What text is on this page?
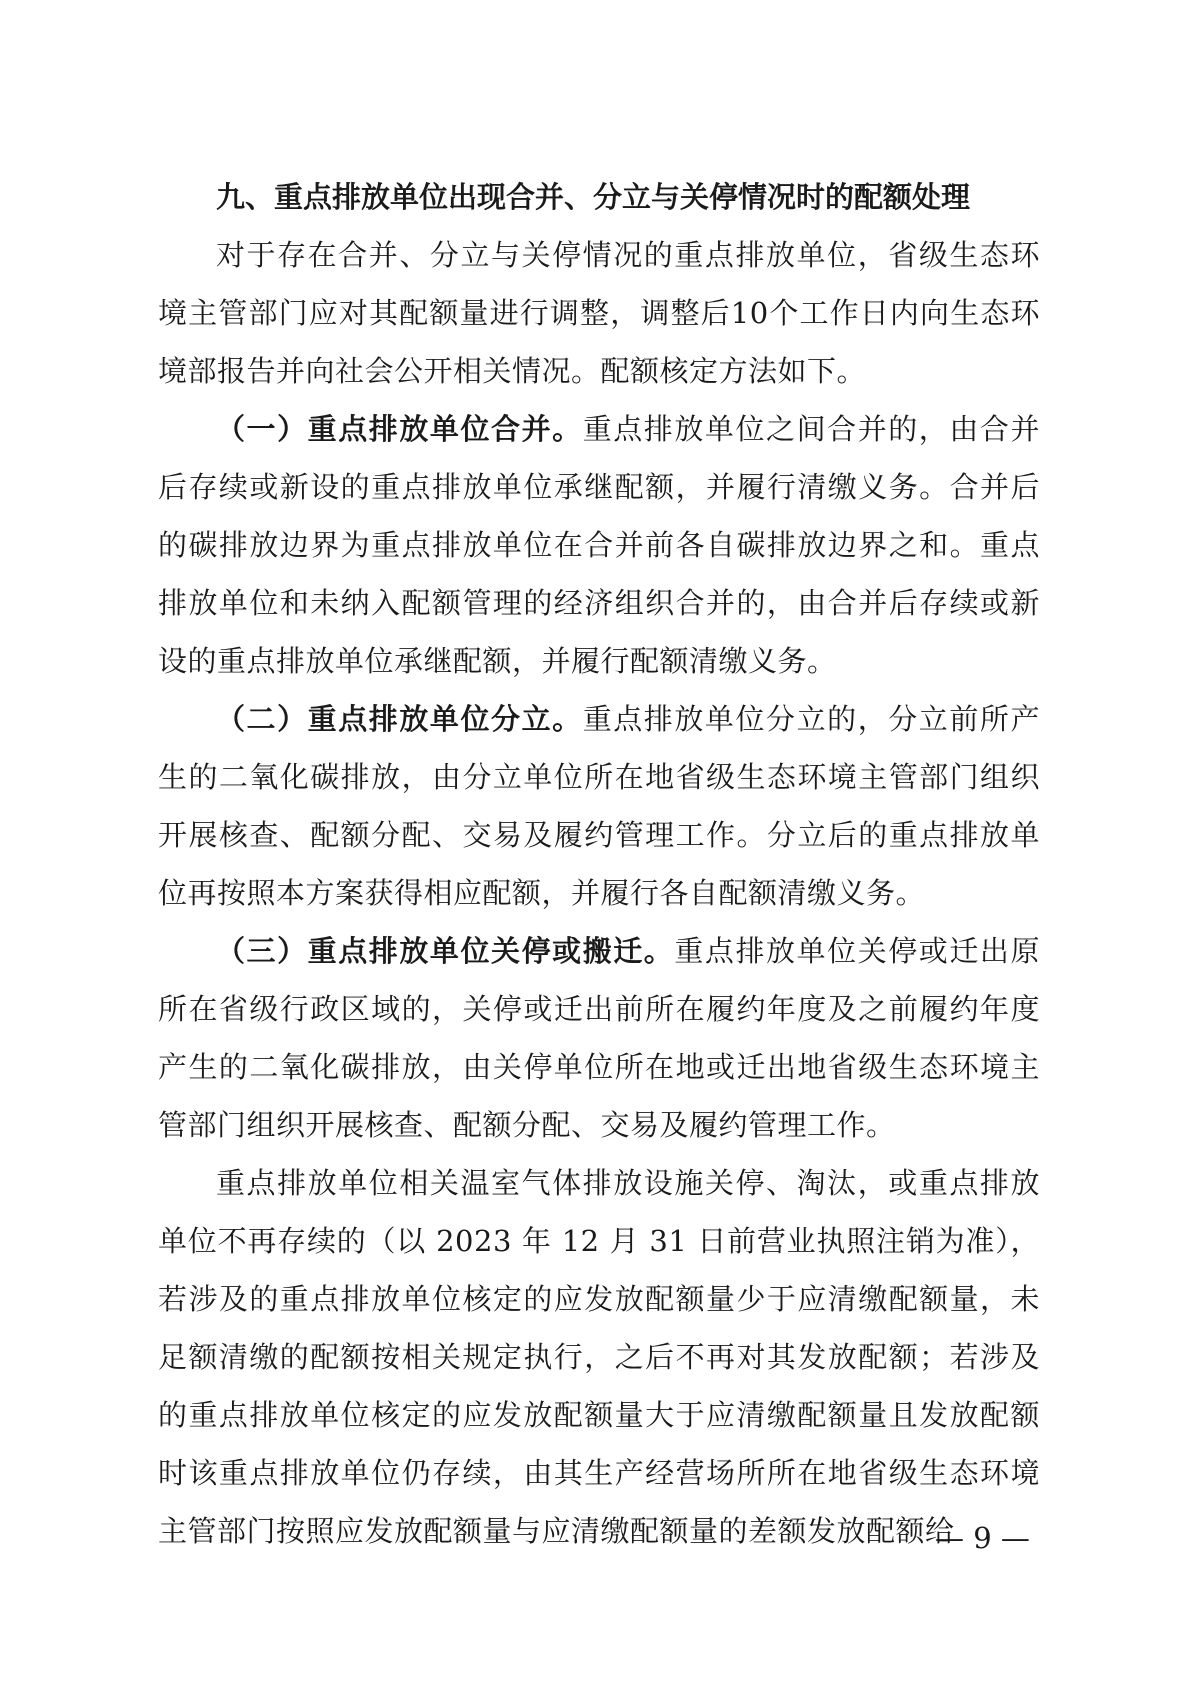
九、重点排放单位出现合并、分立与关停情况时的配额处理

对于存在合并、分立与关停情况的重点排放单位，省级生态环境主管部门应对其配额量进行调整，调整后10个工作日内向生态环境部报告并向社会公开相关情况。配额核定方法如下。

（一）重点排放单位合并。重点排放单位之间合并的，由合并后存续或新设的重点排放单位承继配额，并履行清缴义务。合并后的碳排放边界为重点排放单位在合并前各自碳排放边界之和。重点排放单位和未纳入配额管理的经济组织合并的，由合并后存续或新设的重点排放单位承继配额，并履行配额清缴义务。

（二）重点排放单位分立。重点排放单位分立的，分立前所产生的二氧化碳排放，由分立单位所在地省级生态环境主管部门组织开展核查、配额分配、交易及履约管理工作。分立后的重点排放单位再按照本方案获得相应配额，并履行各自配额清缴义务。

（三）重点排放单位关停或搬迁。重点排放单位关停或迁出原所在省级行政区域的，关停或迁出前所在履约年度及之前履约年度产生的二氧化碳排放，由关停单位所在地或迁出地省级生态环境主管部门组织开展核查、配额分配、交易及履约管理工作。

重点排放单位相关温室气体排放设施关停、淘汰，或重点排放单位不再存续的（以 2023 年 12 月 31 日前营业执照注销为准），若涉及的重点排放单位核定的应发放配额量少于应清缴配额量，未足额清缴的配额按相关规定执行，之后不再对其发放配额；若涉及的重点排放单位核定的应发放配额量大于应清缴配额量且发放配额时该重点排放单位仍存续，由其生产经营场所所在地省级生态环境主管部门按照应发放配额量与应清缴配额量的差额发放配额给

— 9 —
